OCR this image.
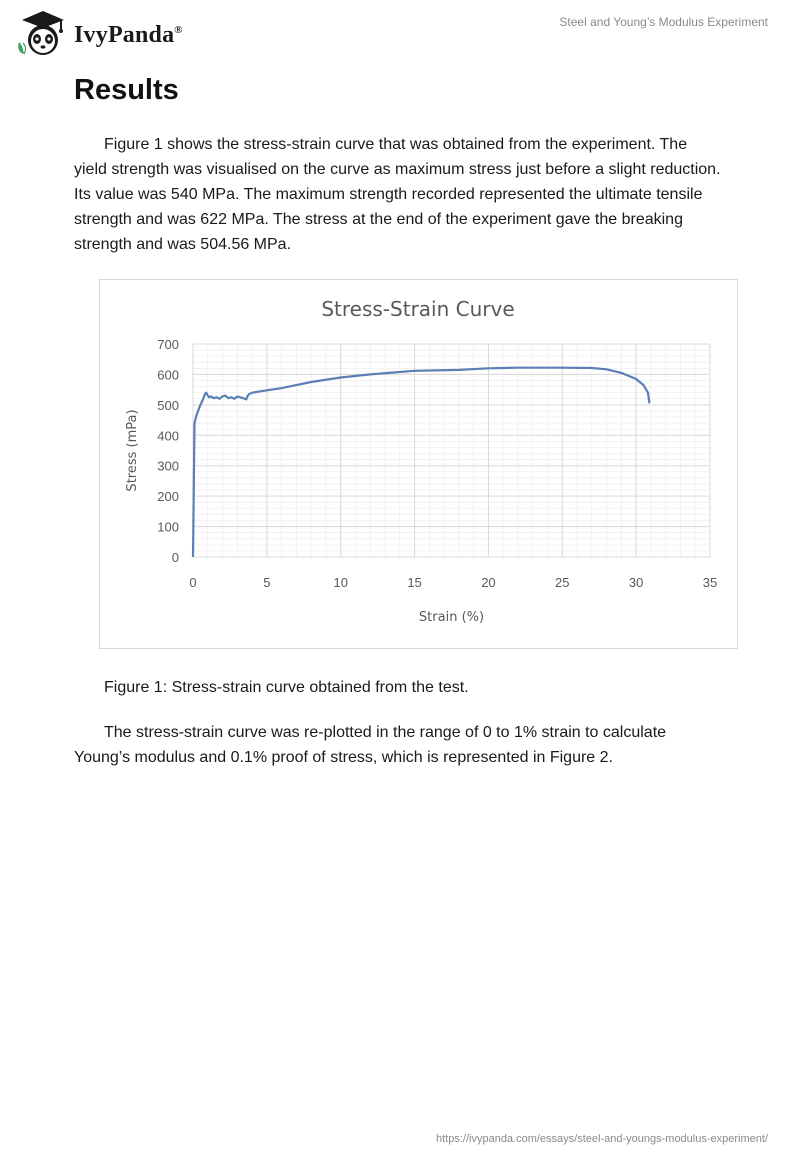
IvyPanda®
Steel and Young’s Modulus Experiment
Results

Figure 1 shows the stress-strain curve that was obtained from the experiment. The yield strength was visualised on the curve as maximum stress just before a slight reduction. Its value was 540 MPa. The maximum strength recorded represented the ultimate tensile strength and was 622 MPa. The stress at the end of the experiment gave the breaking strength and was 504.56 MPa.

0	5	10	15	20	25	30	35
0
100
200
300
400
500
600
700
Stress-Strain Curve
Strain (%)
Stress (mPa)

Figure 1: Stress-strain curve obtained from the test.

The stress-strain curve was re-plotted in the range of 0 to 1% strain to calculate Young’s modulus and 0.1% proof of stress, which is represented in Figure 2.

https://ivypanda.com/essays/steel-and-youngs-modulus-experiment/
